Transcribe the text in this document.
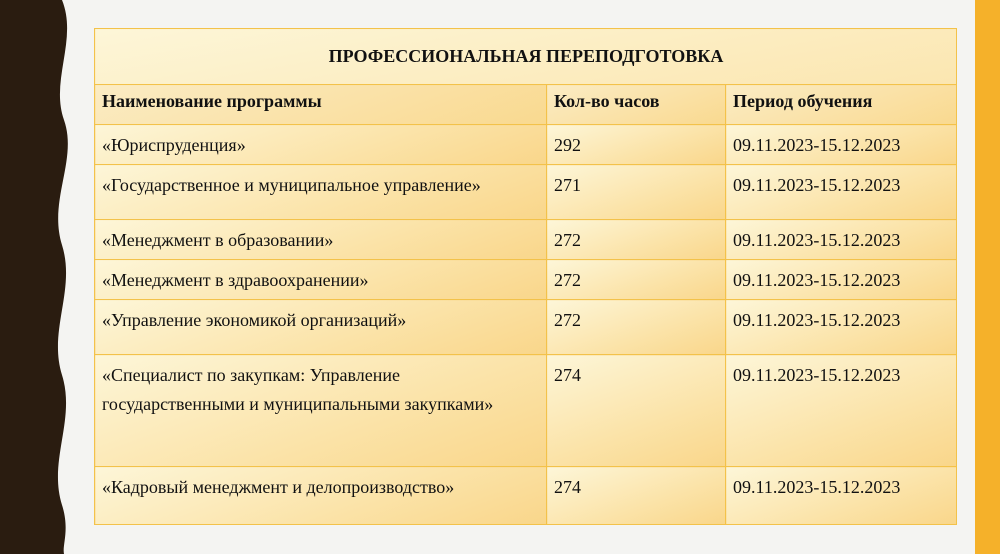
ПРОФЕССИОНАЛЬНАЯ ПЕРЕПОДГОТОВКА		
Наименование программы	Кол-во часов	Период обучения
«Юриспруденция»	292	09.11.2023-15.12.2023
«Государственное и муниципальное управление»	271	09.11.2023-15.12.2023
«Менеджмент в образовании»	272	09.11.2023-15.12.2023
«Менеджмент в здравоохранении»	272	09.11.2023-15.12.2023
«Управление экономикой организаций»	272	09.11.2023-15.12.2023
«Специалист по закупкам: Управление государственными и муниципальными закупками»	274	09.11.2023-15.12.2023
«Кадровый менеджмент и делопроизводство»	274	09.11.2023-15.12.2023
